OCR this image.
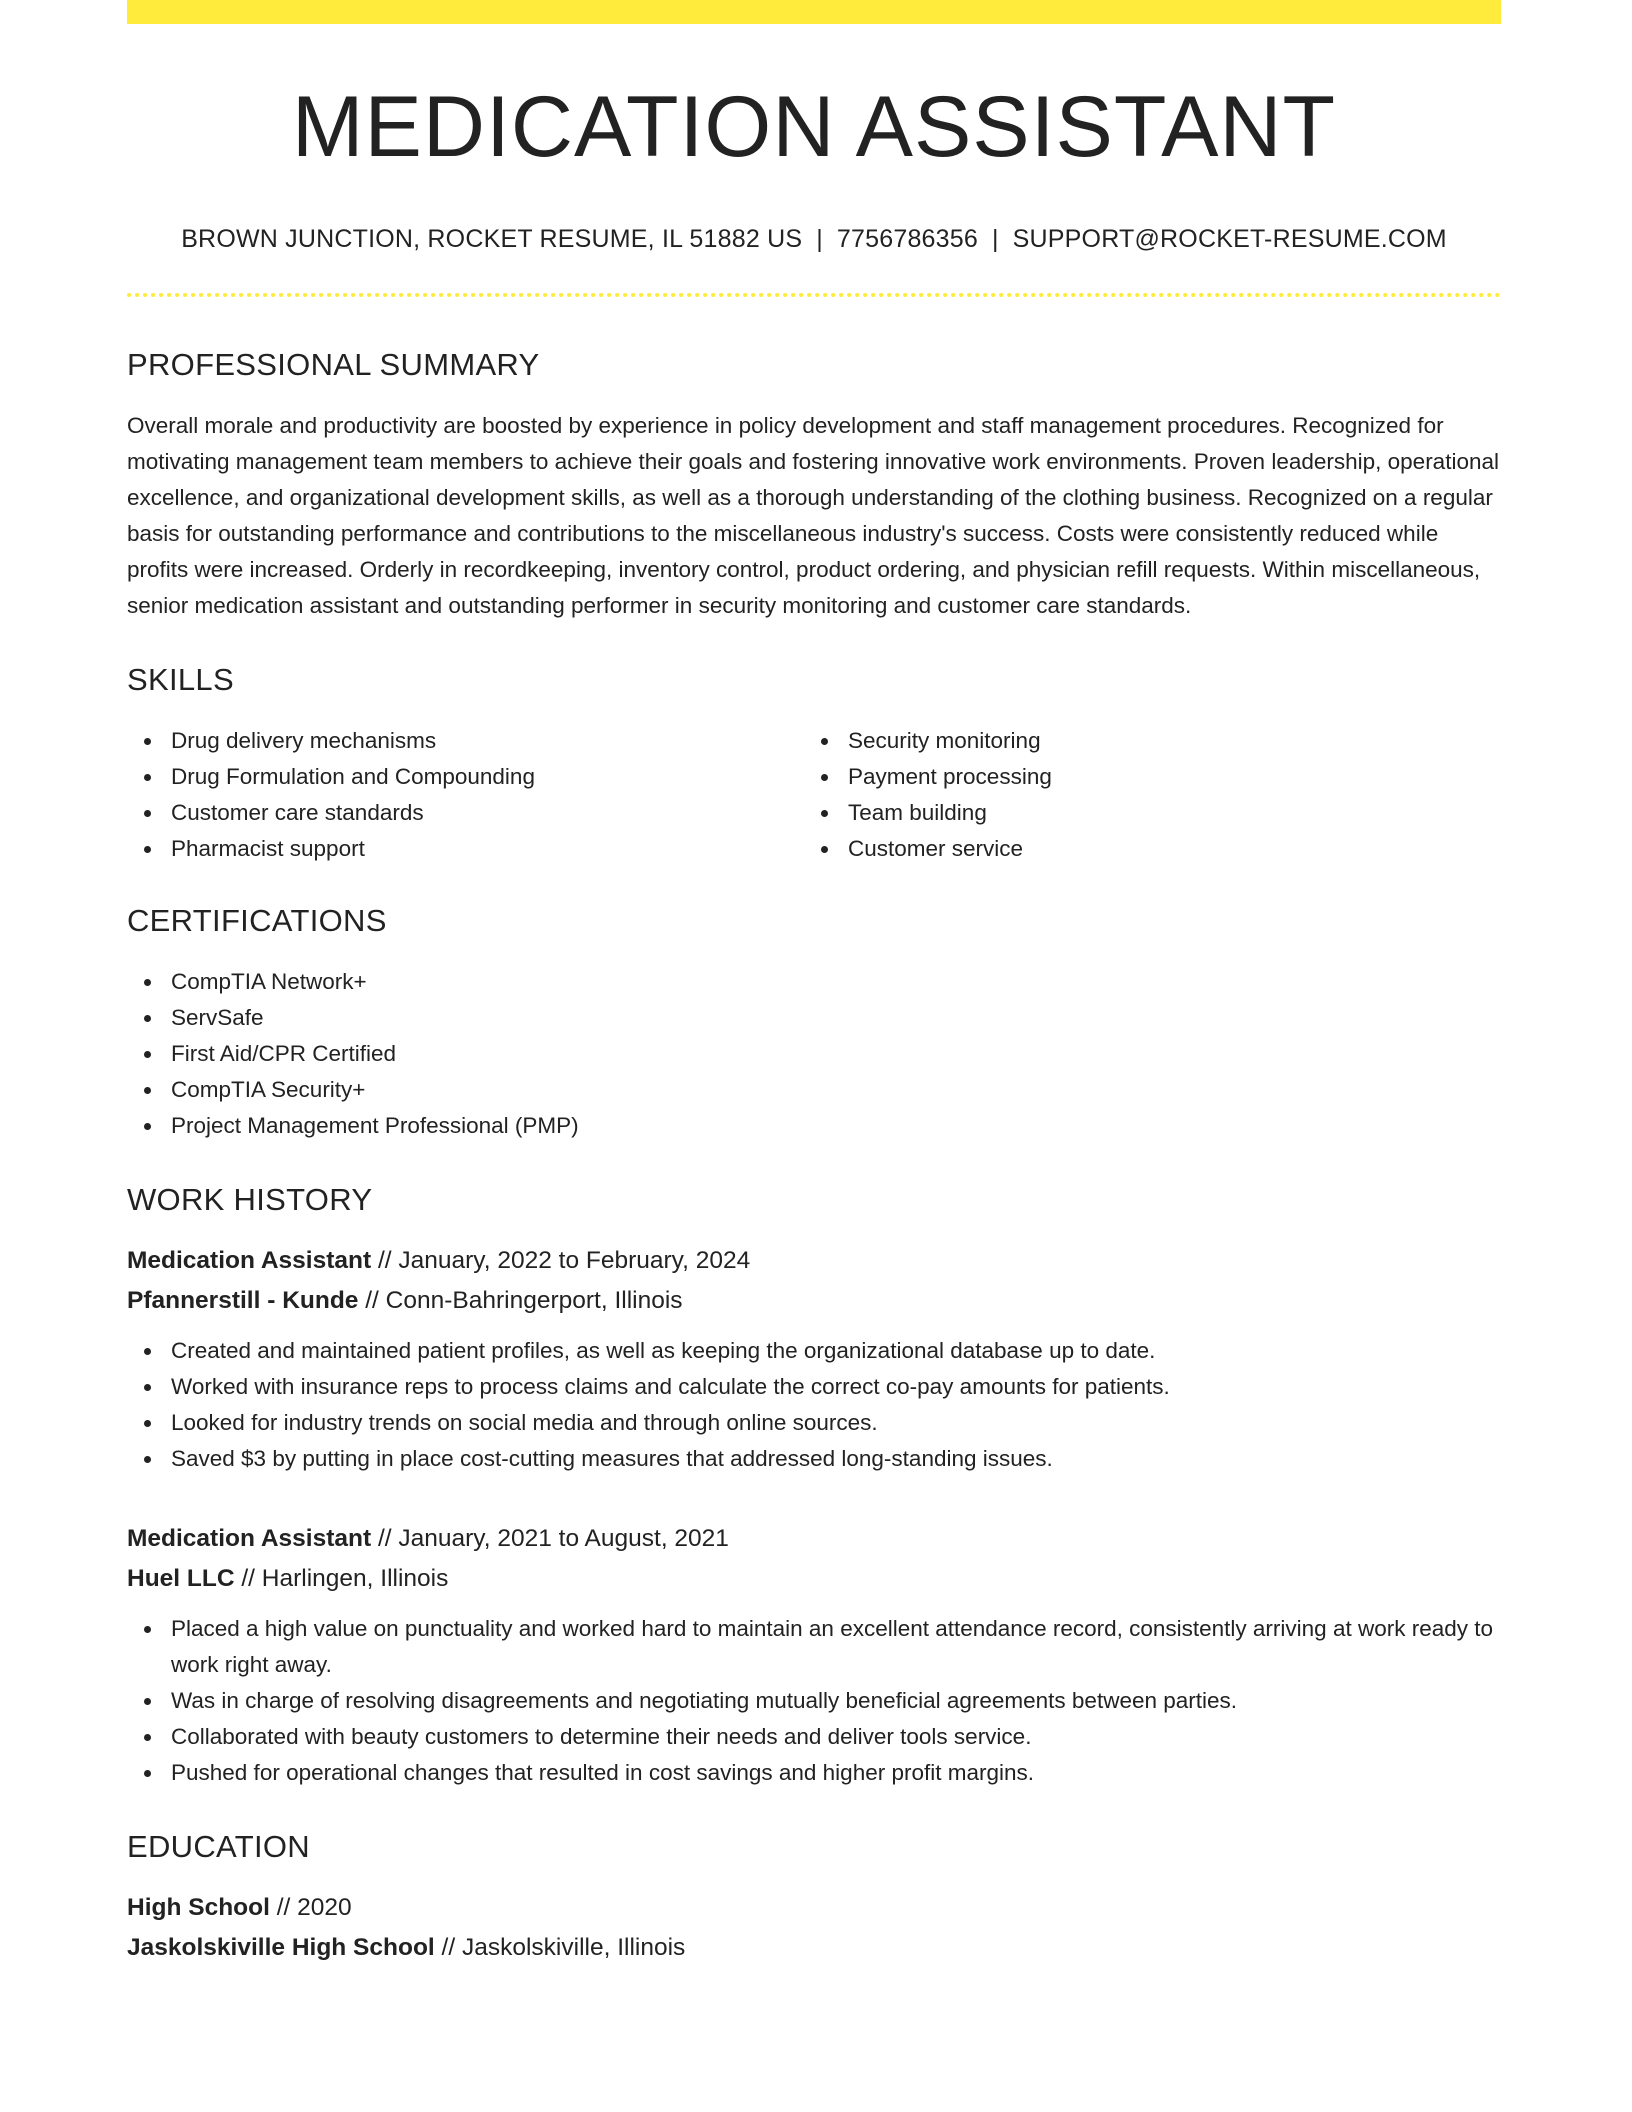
MEDICATION ASSISTANT
BROWN JUNCTION, ROCKET RESUME, IL 51882 US | 7756786356 | SUPPORT@ROCKET-RESUME.COM
PROFESSIONAL SUMMARY

Overall morale and productivity are boosted by experience in policy development and staff management procedures. Recognized for motivating management team members to achieve their goals and fostering innovative work environments. Proven leadership, operational excellence, and organizational development skills, as well as a thorough understanding of the clothing business. Recognized on a regular basis for outstanding performance and contributions to the miscellaneous industry's success. Costs were consistently reduced while profits were increased. Orderly in recordkeeping, inventory control, product ordering, and physician refill requests. Within miscellaneous, senior medication assistant and outstanding performer in security monitoring and customer care standards.

SKILLS
Drug delivery mechanisms
Drug Formulation and Compounding
Customer care standards
Pharmacist support
Security monitoring
Payment processing
Team building
Customer service
CERTIFICATIONS
CompTIA Network+
ServSafe
First Aid/CPR Certified
CompTIA Security+
Project Management Professional (PMP)
WORK HISTORY
Medication Assistant // January, 2022 to February, 2024
Pfannerstill - Kunde // Conn-Bahringerport, Illinois
Created and maintained patient profiles, as well as keeping the organizational database up to date.
Worked with insurance reps to process claims and calculate the correct co-pay amounts for patients.
Looked for industry trends on social media and through online sources.
Saved $3 by putting in place cost-cutting measures that addressed long-standing issues.
Medication Assistant // January, 2021 to August, 2021
Huel LLC // Harlingen, Illinois
Placed a high value on punctuality and worked hard to maintain an excellent attendance record, consistently arriving at work ready to work right away.
Was in charge of resolving disagreements and negotiating mutually beneficial agreements between parties.
Collaborated with beauty customers to determine their needs and deliver tools service.
Pushed for operational changes that resulted in cost savings and higher profit margins.
EDUCATION
High School // 2020
Jaskolskiville High School // Jaskolskiville, Illinois
